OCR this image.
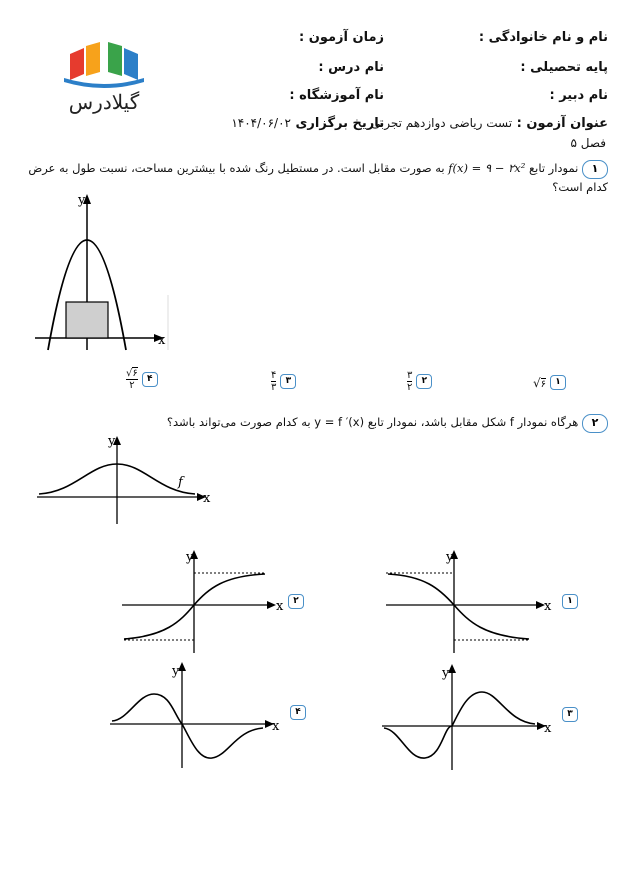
نام و نام خانوادگی :
زمان آزمون :
پایه تحصیلی :
نام درس :
نام دبیر :
نام آموزشگاه :
عنوان آزمون : تست ریاضی دوازدهم تجربی
تاریخ برگزاری ۱۴۰۴/۰۶/۰۲
فصل ۵
گیلادرس
۱ نمودار تابع f(x) = ۹ − ۲x² به صورت مقابل است. در مستطیل رنگ شده با بیشترین مساحت، نسبت طول به عرض
کدام است؟
y
x
√۶	۱
$\frac{۳}{۲}$	۲
$\frac{۴}{۳}$	۳
$\frac{√۶}{۲}$	۴
۲ هرگاه نمودار f شکل مقابل باشد، نمودار تابع y = f ′(x) به کدام صورت می‌تواند باشد؟
y
x
f
y
x	۱
y
x	۲
y
x
۳
y
x
۴
